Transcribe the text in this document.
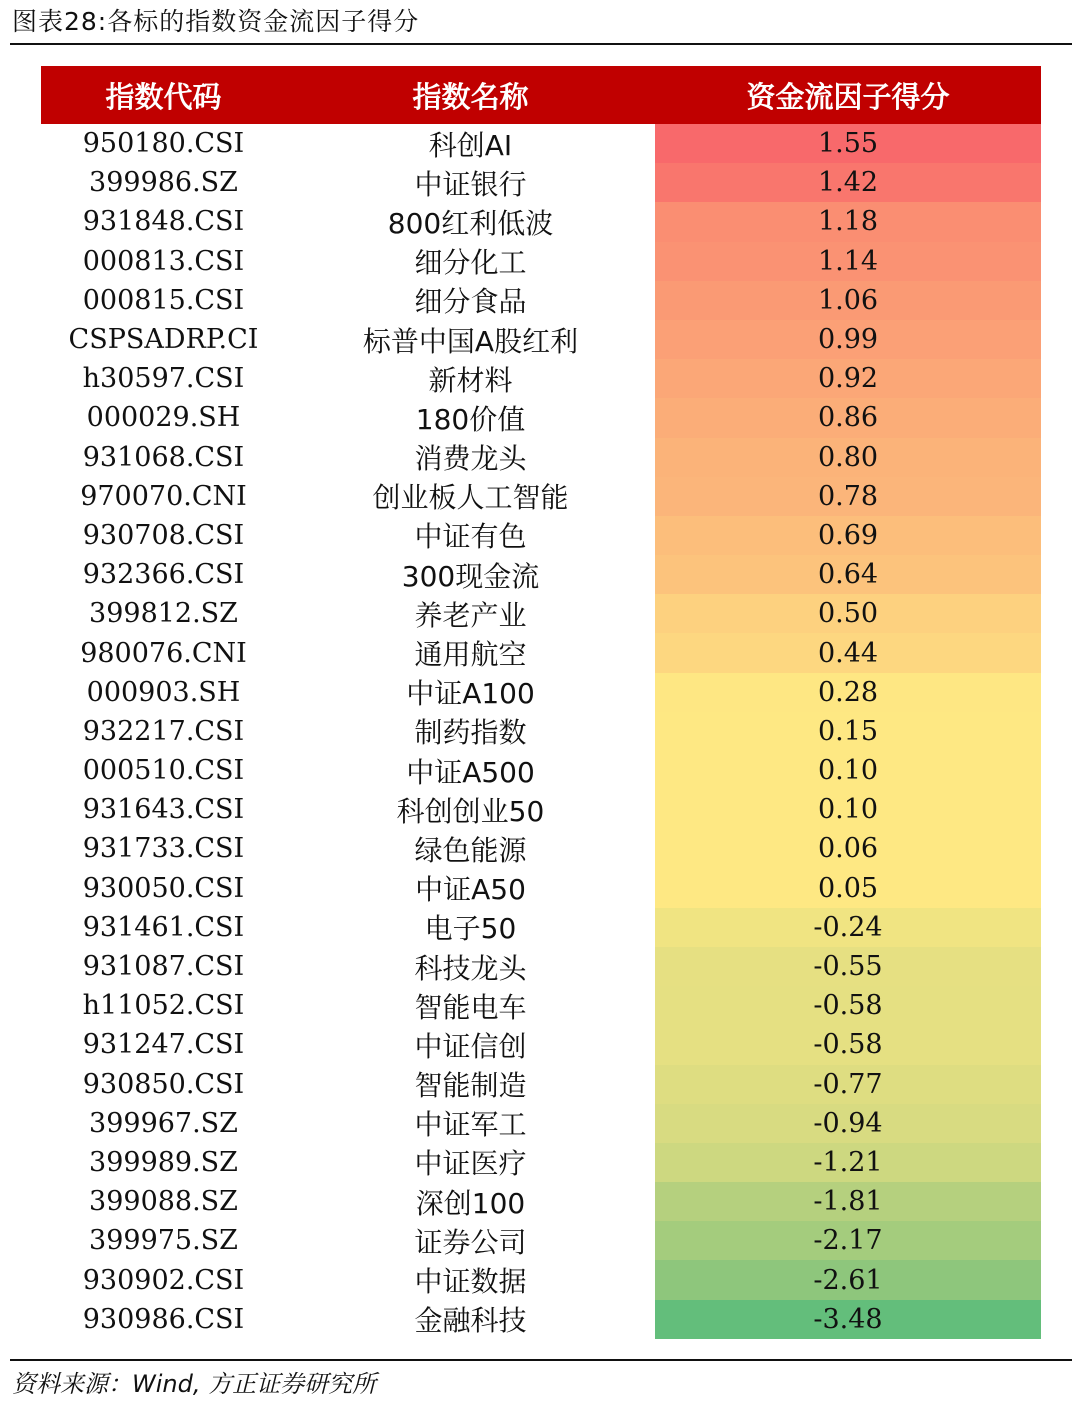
图表28:各标的指数资金流因子得分
指数代码	指数名称	资金流因子得分
950180.CSI	科创AI	1.55
399986.SZ	中证银行	1.42
931848.CSI	800红利低波	1.18
000813.CSI	细分化工	1.14
000815.CSI	细分食品	1.06
CSPSADRP.CI	标普中国A股红利	0.99
h30597.CSI	新材料	0.92
000029.SH	180价值	0.86
931068.CSI	消费龙头	0.80
970070.CNI	创业板人工智能	0.78
930708.CSI	中证有色	0.69
932366.CSI	300现金流	0.64
399812.SZ	养老产业	0.50
980076.CNI	通用航空	0.44
000903.SH	中证A100	0.28
932217.CSI	制药指数	0.15
000510.CSI	中证A500	0.10
931643.CSI	科创创业50	0.10
931733.CSI	绿色能源	0.06
930050.CSI	中证A50	0.05
931461.CSI	电子50	-0.24
931087.CSI	科技龙头	-0.55
h11052.CSI	智能电车	-0.58
931247.CSI	中证信创	-0.58
930850.CSI	智能制造	-0.77
399967.SZ	中证军工	-0.94
399989.SZ	中证医疗	-1.21
399088.SZ	深创100	-1.81
399975.SZ	证券公司	-2.17
930902.CSI	中证数据	-2.61
930986.CSI	金融科技	-3.48
资料来源：Wind, 方正证券研究所
